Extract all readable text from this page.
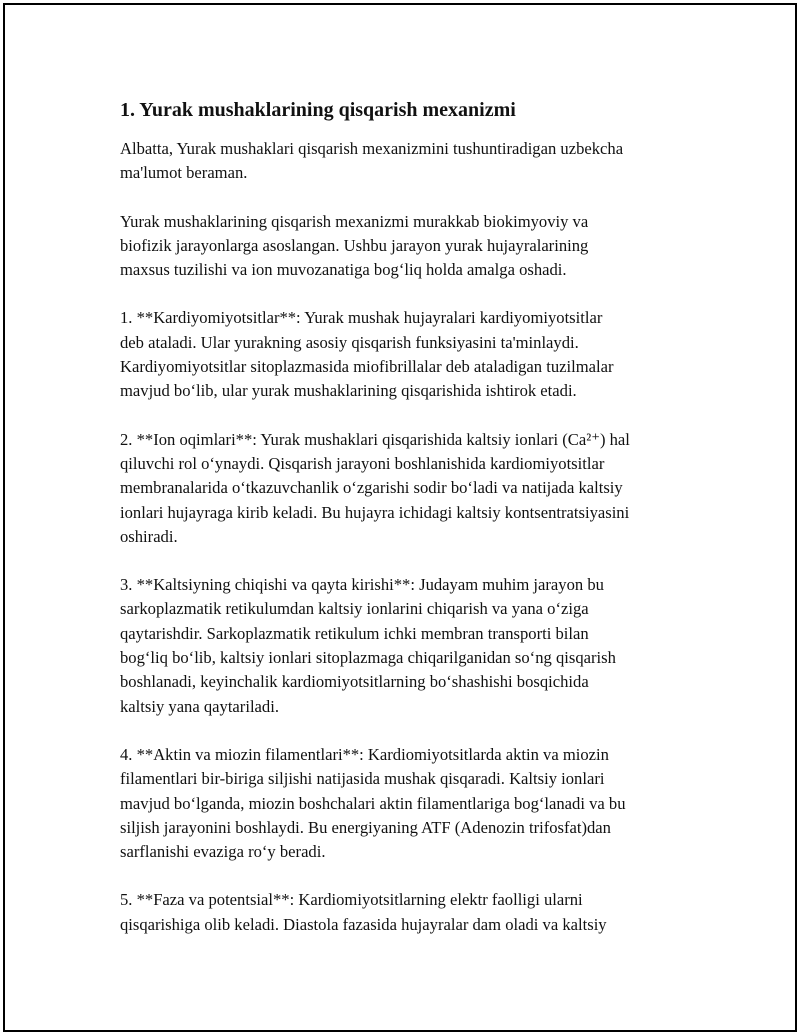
1. Yurak mushaklarining qisqarish mexanizmi

Albatta, Yurak mushaklari qisqarish mexanizmini tushuntiradigan uzbekcha
ma'lumot beraman.

Yurak mushaklarining qisqarish mexanizmi murakkab biokimyoviy va
biofizik jarayonlarga asoslangan. Ushbu jarayon yurak hujayralarining
maxsus tuzilishi va ion muvozanatiga bog‘liq holda amalga oshadi.

1. **Kardiyomiyotsitlar**: Yurak mushak hujayralari kardiyomiyotsitlar
deb ataladi. Ular yurakning asosiy qisqarish funksiyasini ta'minlaydi.
Kardiyomiyotsitlar sitoplazmasida miofibrillalar deb ataladigan tuzilmalar
mavjud bo‘lib, ular yurak mushaklarining qisqarishida ishtirok etadi.

2. **Ion oqimlari**: Yurak mushaklari qisqarishida kaltsiy ionlari (Ca²⁺) hal
qiluvchi rol o‘ynaydi. Qisqarish jarayoni boshlanishida kardiomiyotsitlar
membranalarida o‘tkazuvchanlik o‘zgarishi sodir bo‘ladi va natijada kaltsiy
ionlari hujayraga kirib keladi. Bu hujayra ichidagi kaltsiy kontsentratsiyasini
oshiradi.

3. **Kaltsiyning chiqishi va qayta kirishi**: Judayam muhim jarayon bu
sarkoplazmatik retikulumdan kaltsiy ionlarini chiqarish va yana o‘ziga
qaytarishdir. Sarkoplazmatik retikulum ichki membran transporti bilan
bog‘liq bo‘lib, kaltsiy ionlari sitoplazmaga chiqarilganidan so‘ng qisqarish
boshlanadi, keyinchalik kardiomiyotsitlarning bo‘shashishi bosqichida
kaltsiy yana qaytariladi.

4. **Aktin va miozin filamentlari**: Kardiomiyotsitlarda aktin va miozin
filamentlari bir-biriga siljishi natijasida mushak qisqaradi. Kaltsiy ionlari
mavjud bo‘lganda, miozin boshchalari aktin filamentlariga bog‘lanadi va bu
siljish jarayonini boshlaydi. Bu energiyaning ATF (Adenozin trifosfat)dan
sarflanishi evaziga ro‘y beradi.

5. **Faza va potentsial**: Kardiomiyotsitlarning elektr faolligi ularni
qisqarishiga olib keladi. Diastola fazasida hujayralar dam oladi va kaltsiy
